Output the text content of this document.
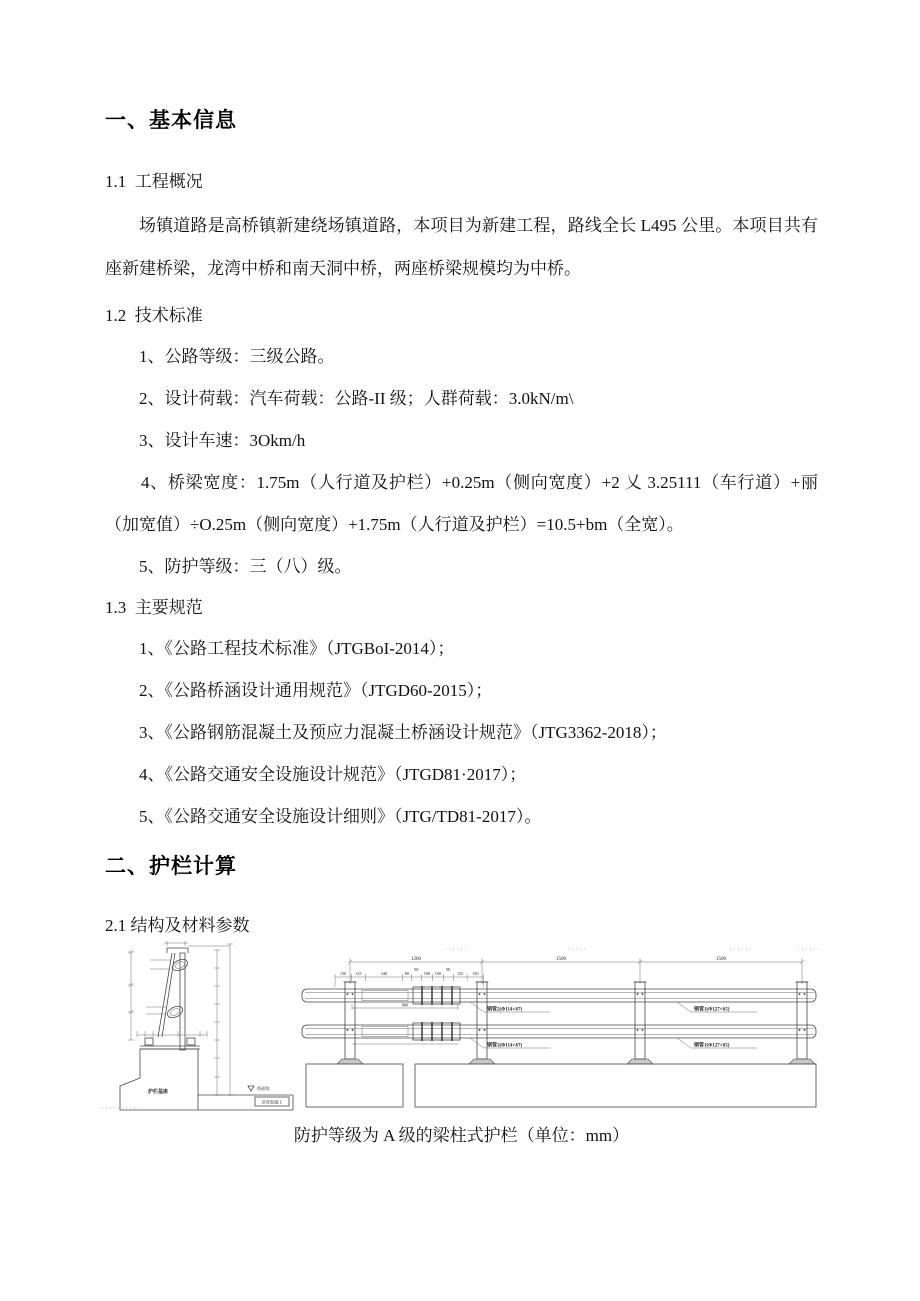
一、基本信息
1.1  工程概况

场镇道路是高桥镇新建绕场镇道路，本项目为新建工程，路线全长 L495 公里。本项目共有座新建桥梁，龙湾中桥和南天洞中桥，两座桥梁规模均为中桥。

1.2  技术标准

1、公路等级：三级公路。

2、设计荷载：汽车荷载：公路-II 级；人群荷载：3.0kN/m\

3、设计车速：3Okm/h

4、桥梁宽度：1.75m（人行道及护栏）+0.25m（侧向宽度）+2 乂 3.25111（车行道）+丽（加宽值）÷O.25m（侧向宽度）+1.75m（人行道及护栏）=10.5+bm（全宽）。

5、防护等级：三（八）级。

1.3  主要规范

1、《公路工程技术标准》（JTGBoI-2014）；

2、《公路桥涵设计通用规范》（JTGD60-2015）；

3、《公路钢筋混凝土及预应力混凝土桥涵设计规范》（JTG3362-2018）；

4、《公路交通安全设施设计规范》（JTGD81·2017）；

5、《公路交通安全设施设计细则》（JTG/TD81-2017）。

二、护栏计算
2.1 结构及材料参数
护栏基座
桥面线
沥青混凝土
1200	1500	1500
150 125	340	80
90
100 100
90
125 150
800
钢管2(Φ114×δ7)
钢管2(Φ114×δ7)
钢管1(Φ127×δ5)
钢管1(Φ127×δ5)

防护等级为 A 级的梁柱式护栏（单位：mm）
